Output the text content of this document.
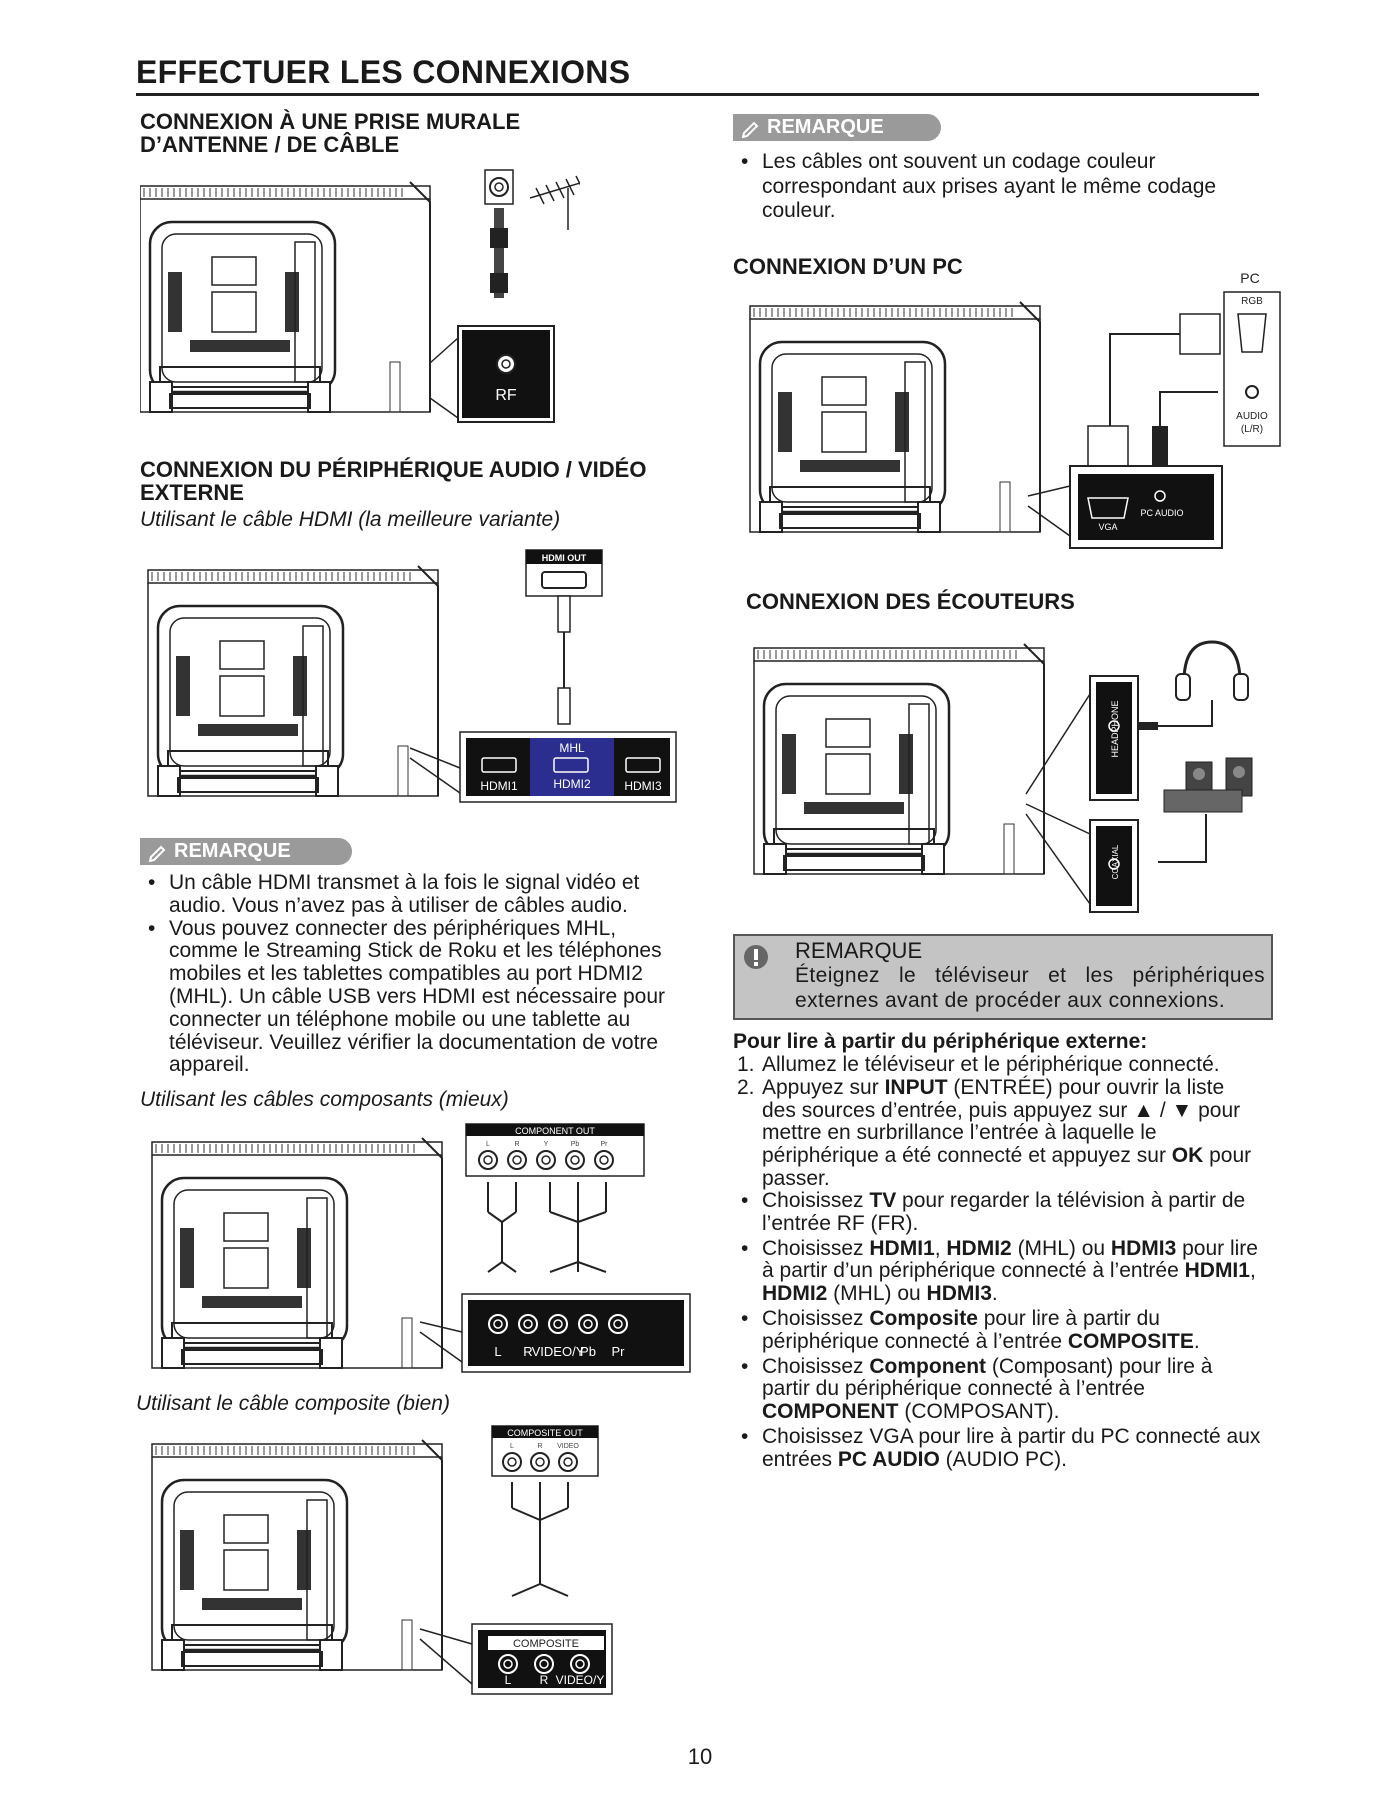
EFFECTUER LES CONNEXIONS
CONNEXION À UNE PRISE MURALE
D’ANTENNE / DE CÂBLE
RF
CONNEXION DU PÉRIPHÉRIQUE AUDIO / VIDÉO
EXTERNE
Utilisant le câble HDMI (la meilleure variante)
HDMI OUT
MHL
HDMI1	HDMI2	HDMI3
REMARQUE
• Un câble HDMI transmet à la fois le signal vidéo et audio. Vous n’avez pas à utiliser de câbles audio.
• Vous pouvez connecter des périphériques MHL, comme le Streaming Stick de Roku et les téléphones mobiles et les tablettes compatibles au port HDMI2 (MHL). Un câble USB vers HDMI est nécessaire pour connecter un téléphone mobile ou une tablette au téléviseur. Veuillez vérifier la documentation de votre appareil.
Utilisant les câbles composants (mieux)
COMPONENT OUT
L	R	Y	Pb	Pr
L R
VIDEO/Y
Pb Pr
Utilisant le câble composite (bien)
COMPOSITE OUT
L	R VIDEO
COMPOSITE
L R VIDEO/Y
REMARQUE
• Les câbles ont souvent un codage couleur correspondant aux prises ayant le même codage couleur.
CONNEXION D’UN PC	PC
RGB
AUDIO
(L/R)
VGA
PC AUDIO
CONNEXION DES ÉCOUTEURS
HEADPHONE
COAXIAL
REMARQUE
Éteignez le téléviseur et les périphériques externes avant de procéder aux connexions.
Pour lire à partir du périphérique externe:
1. Allumez le téléviseur et le périphérique connecté.
2. Appuyez sur INPUT (ENTRÉE) pour ouvrir la liste des sources d’entrée, puis appuyez sur ▲ / ▼ pour mettre en surbrillance l’entrée à laquelle le périphérique a été connecté et appuyez sur OK pour passer.
• Choisissez TV pour regarder la télévision à partir de l’entrée RF (FR).
• Choisissez HDMI1, HDMI2 (MHL) ou HDMI3 pour lire à partir d’un périphérique connecté à l’entrée HDMI1, HDMI2 (MHL) ou HDMI3.
• Choisissez Composite pour lire à partir du périphérique connecté à l’entrée COMPOSITE.
• Choisissez Component (Composant) pour lire à partir du périphérique connecté à l’entrée COMPONENT (COMPOSANT).
• Choisissez VGA pour lire à partir du PC connecté aux entrées PC AUDIO (AUDIO PC).
10
